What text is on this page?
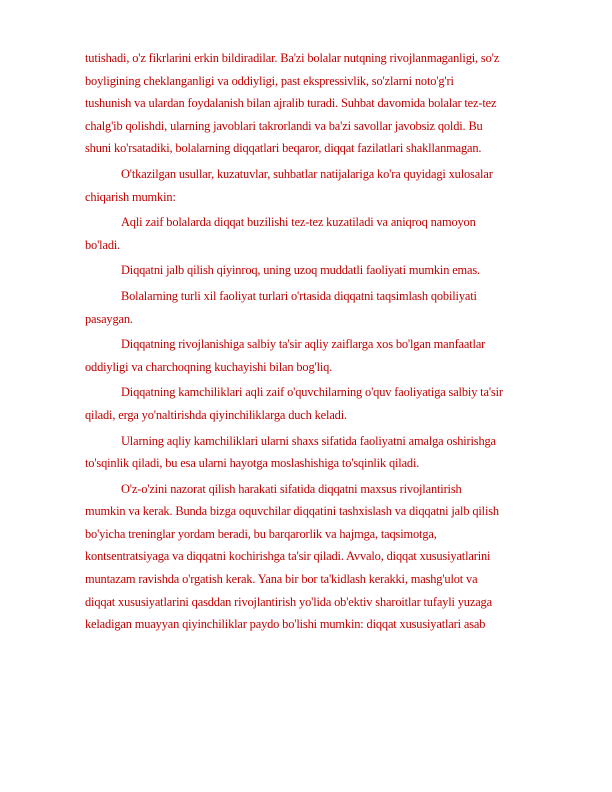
tutishadi, o'z fikrlarini erkin bildiradilar. Ba'zi bolalar nutqning rivojlanmaganligi, so'z
boyligining cheklanganligi va oddiyligi, past ekspressivlik, so'zlarni noto'g'ri
tushunish va ulardan foydalanish bilan ajralib turadi. Suhbat davomida bolalar tez-tez
chalg'ib qolishdi, ularning javoblari takrorlandi va ba'zi savollar javobsiz qoldi. Bu
shuni ko'rsatadiki, bolalarning diqqatlari beqaror, diqqat fazilatlari shakllanmagan.

O'tkazilgan usullar, kuzatuvlar, suhbatlar natijalariga ko'ra quyidagi xulosalar
chiqarish mumkin:

Aqli zaif bolalarda diqqat buzilishi tez-tez kuzatiladi va aniqroq namoyon
bo'ladi.

Diqqatni jalb qilish qiyinroq, uning uzoq muddatli faoliyati mumkin emas.

Bolalarning turli xil faoliyat turlari o'rtasida diqqatni taqsimlash qobiliyati
pasaygan.

Diqqatning rivojlanishiga salbiy ta'sir aqliy zaiflarga xos bo'lgan manfaatlar
oddiyligi va charchoqning kuchayishi bilan bog'liq.

Diqqatning kamchiliklari aqli zaif o'quvchilarning o'quv faoliyatiga salbiy ta'sir
qiladi, erga yo'naltirishda qiyinchiliklarga duch keladi.

Ularning aqliy kamchiliklari ularni shaxs sifatida faoliyatni amalga oshirishga
to'sqinlik qiladi, bu esa ularni hayotga moslashishiga to'sqinlik qiladi.

O'z-o'zini nazorat qilish harakati sifatida diqqatni maxsus rivojlantirish
mumkin va kerak. Bunda bizga oquvchilar diqqatini tashxislash va diqqatni jalb qilish
bo'yicha treninglar yordam beradi, bu barqarorlik va hajmga, taqsimotga,
kontsentratsiyaga va diqqatni kochirishga ta'sir qiladi. Avvalo, diqqat xususiyatlarini
muntazam ravishda o'rgatish kerak. Yana bir bor ta'kidlash kerakki, mashg'ulot va
diqqat xususiyatlarini qasddan rivojlantirish yo'lida ob'ektiv sharoitlar tufayli yuzaga
keladigan muayyan qiyinchiliklar paydo bo'lishi mumkin: diqqat xususiyatlari asab
